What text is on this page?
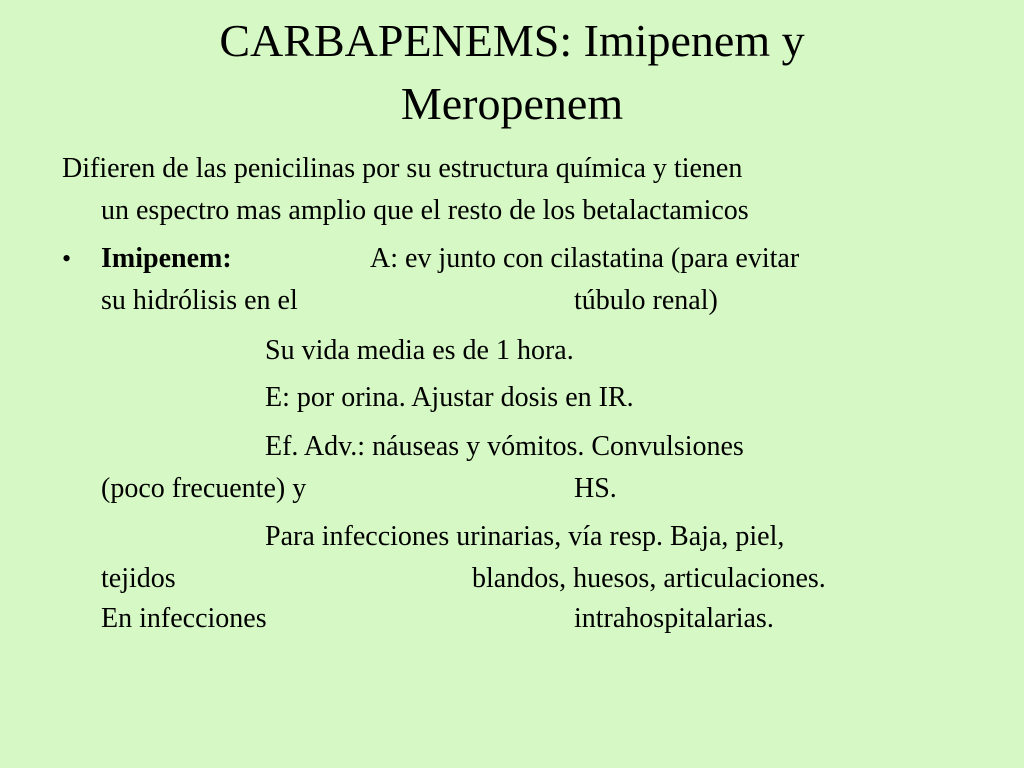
CARBAPENEMS: Imipenem y
Meropenem
Difieren de las penicilinas por su estructura química y tienen
un espectro mas amplio que el resto de los betalactamicos
• Imipenem:	A: ev junto con cilastatina (para evitar
su hidrólisis en el	túbulo renal)
Su vida media es de 1 hora.
E: por orina. Ajustar dosis en IR.
Ef. Adv.: náuseas y vómitos. Convulsiones
(poco frecuente) y	HS.
Para infecciones urinarias, vía resp. Baja, piel,
tejidos	blandos, huesos, articulaciones.
En infecciones	intrahospitalarias.
